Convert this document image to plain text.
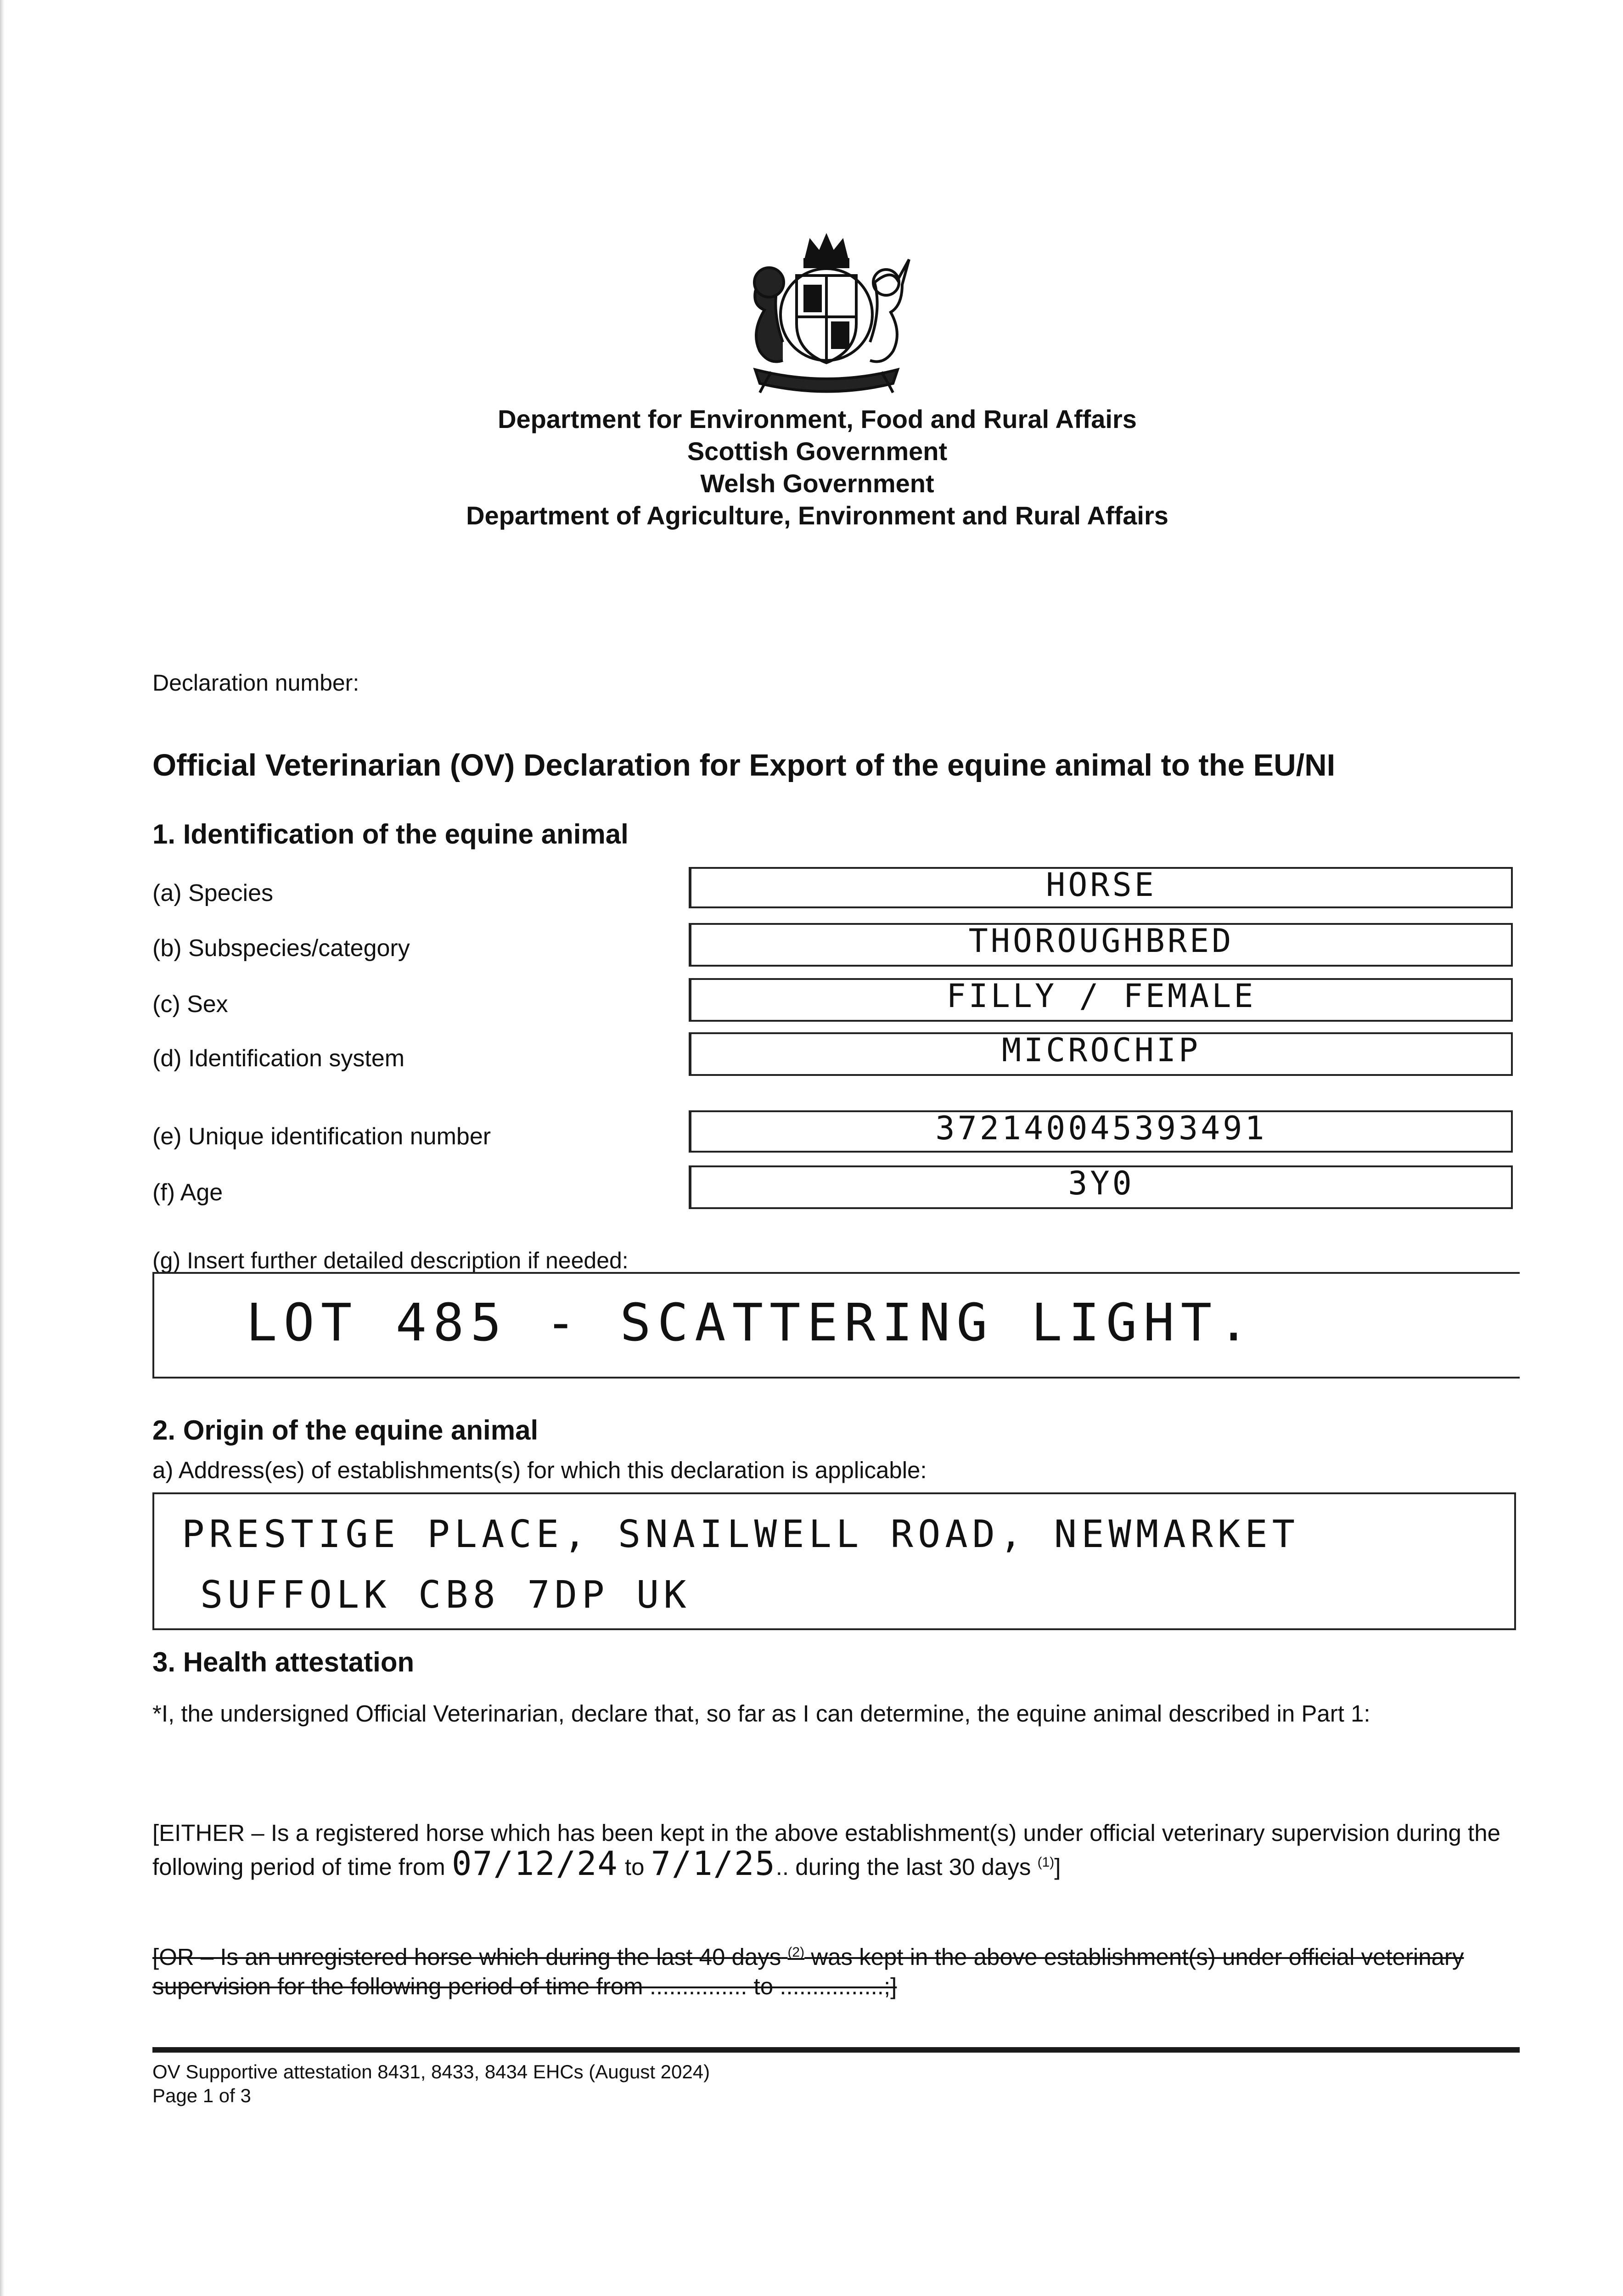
Department for Environment, Food and Rural Affairs
Scottish Government
Welsh Government
Department of Agriculture, Environment and Rural Affairs
Declaration number:
Official Veterinarian (OV) Declaration for Export of the equine animal to the EU/NI
1. Identification of the equine animal
(a) Species	HORSE
(b) Subspecies/category	THOROUGHBRED
(c) Sex	FILLY / FEMALE
(d) Identification system	MICROCHIP
(e) Unique identification number	372140045393491
(f) Age	3Y0
(g) Insert further detailed description if needed:
LOT 485 - SCATTERING LIGHT.
2. Origin of the equine animal
a) Address(es) of establishments(s) for which this declaration is applicable:
PRESTIGE PLACE, SNAILWELL ROAD, NEWMARKET
SUFFOLK CB8 7DP UK
3. Health attestation
*I, the undersigned Official Veterinarian, declare that, so far as I can determine, the equine animal described in Part 1:
[EITHER – Is a registered horse which has been kept in the above establishment(s) under official veterinary supervision during the following period of time from 07/12/24 to 7/1/25.. during the last 30 days $^{(1)}$]
[OR – Is an unregistered horse which during the last 40 days $^{(2)}$ was kept in the above establishment(s) under official veterinary supervision for the following period of time from ............... to ................;]
OV Supportive attestation 8431, 8433, 8434 EHCs (August 2024)
Page 1 of 3
